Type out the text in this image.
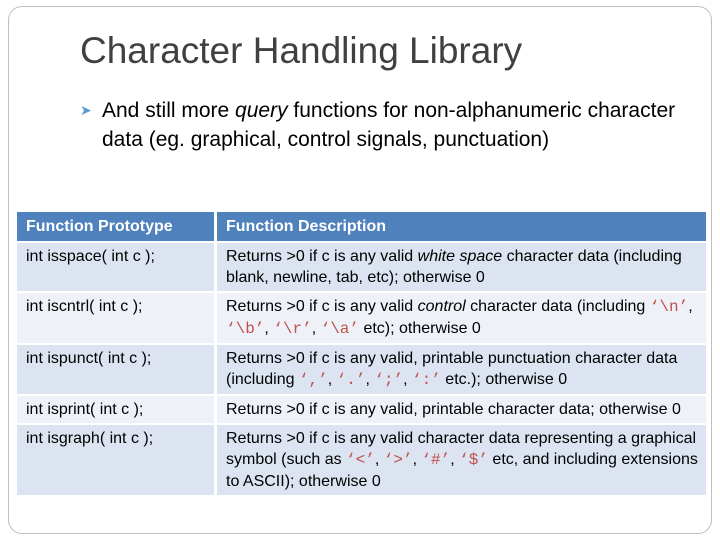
Character Handling Library
➤ And still more query functions for non-alphanumeric character data (eg. graphical, control signals, punctuation)
Function Prototype	Function Description
int isspace( int c );	Returns >0 if c is any valid white space character data (including blank, newline, tab, etc); otherwise 0
int iscntrl( int c );	Returns >0 if c is any valid control character data (including ‘\n’, ‘\b’, ‘\r’, ‘\a’ etc); otherwise 0
int ispunct( int c );	Returns >0 if c is any valid, printable punctuation character data (including ‘,’, ‘.’, ‘;’, ‘:’ etc.); otherwise 0
int isprint( int c );	Returns >0 if c is any valid, printable character data; otherwise 0
int isgraph( int c );	Returns >0 if c is any valid character data representing a graphical symbol (such as ‘<’, ‘>’, ‘#’, ‘$’ etc, and including extensions to ASCII); otherwise 0
